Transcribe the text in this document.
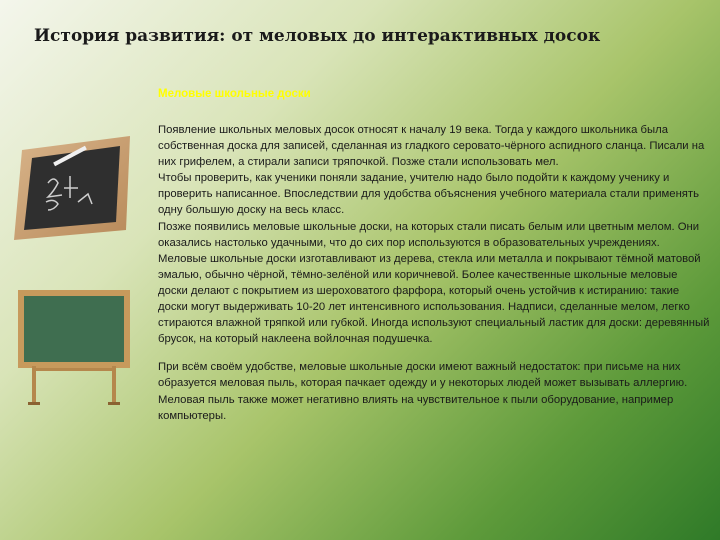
История развития: от меловых до интерактивных досок
Меловые школьные доски

Появление школьных меловых досок относят к началу 19 века. Тогда у каждого школьника была собственная доска для записей, сделанная из гладкого серовато-чёрного аспидного сланца. Писали на них грифелем, а стирали записи тряпочкой. Позже стали использовать мел.

Чтобы проверить, как ученики поняли задание, учителю надо было подойти к каждому ученику и проверить написанное. Впоследствии для удобства объяснения учебного материала стали применять одну большую доску на весь класс.

Позже появились меловые школьные доски, на которых стали писать белым или цветным мелом. Они оказались настолько удачными, что до сих пор используются в образовательных учреждениях. Меловые школьные доски изготавливают из дерева, стекла или металла и покрывают тёмной матовой эмалью, обычно чёрной, тёмно-зелёной или коричневой. Более качественные школьные меловые доски делают с покрытием из шероховатого фарфора, который очень устойчив к истиранию: такие доски могут выдерживать 10-20 лет интенсивного использования. Надписи, сделанные мелом, легко стираются влажной тряпкой или губкой. Иногда используют специальный ластик для доски: деревянный брусок, на который наклеена войлочная подушечка.

При всём своём удобстве, меловые школьные доски имеют важный недостаток: при письме на них образуется меловая пыль, которая пачкает одежду и у некоторых людей может вызывать аллергию. Меловая пыль также может негативно влиять на чувствительное к пыли оборудование, например компьютеры.
